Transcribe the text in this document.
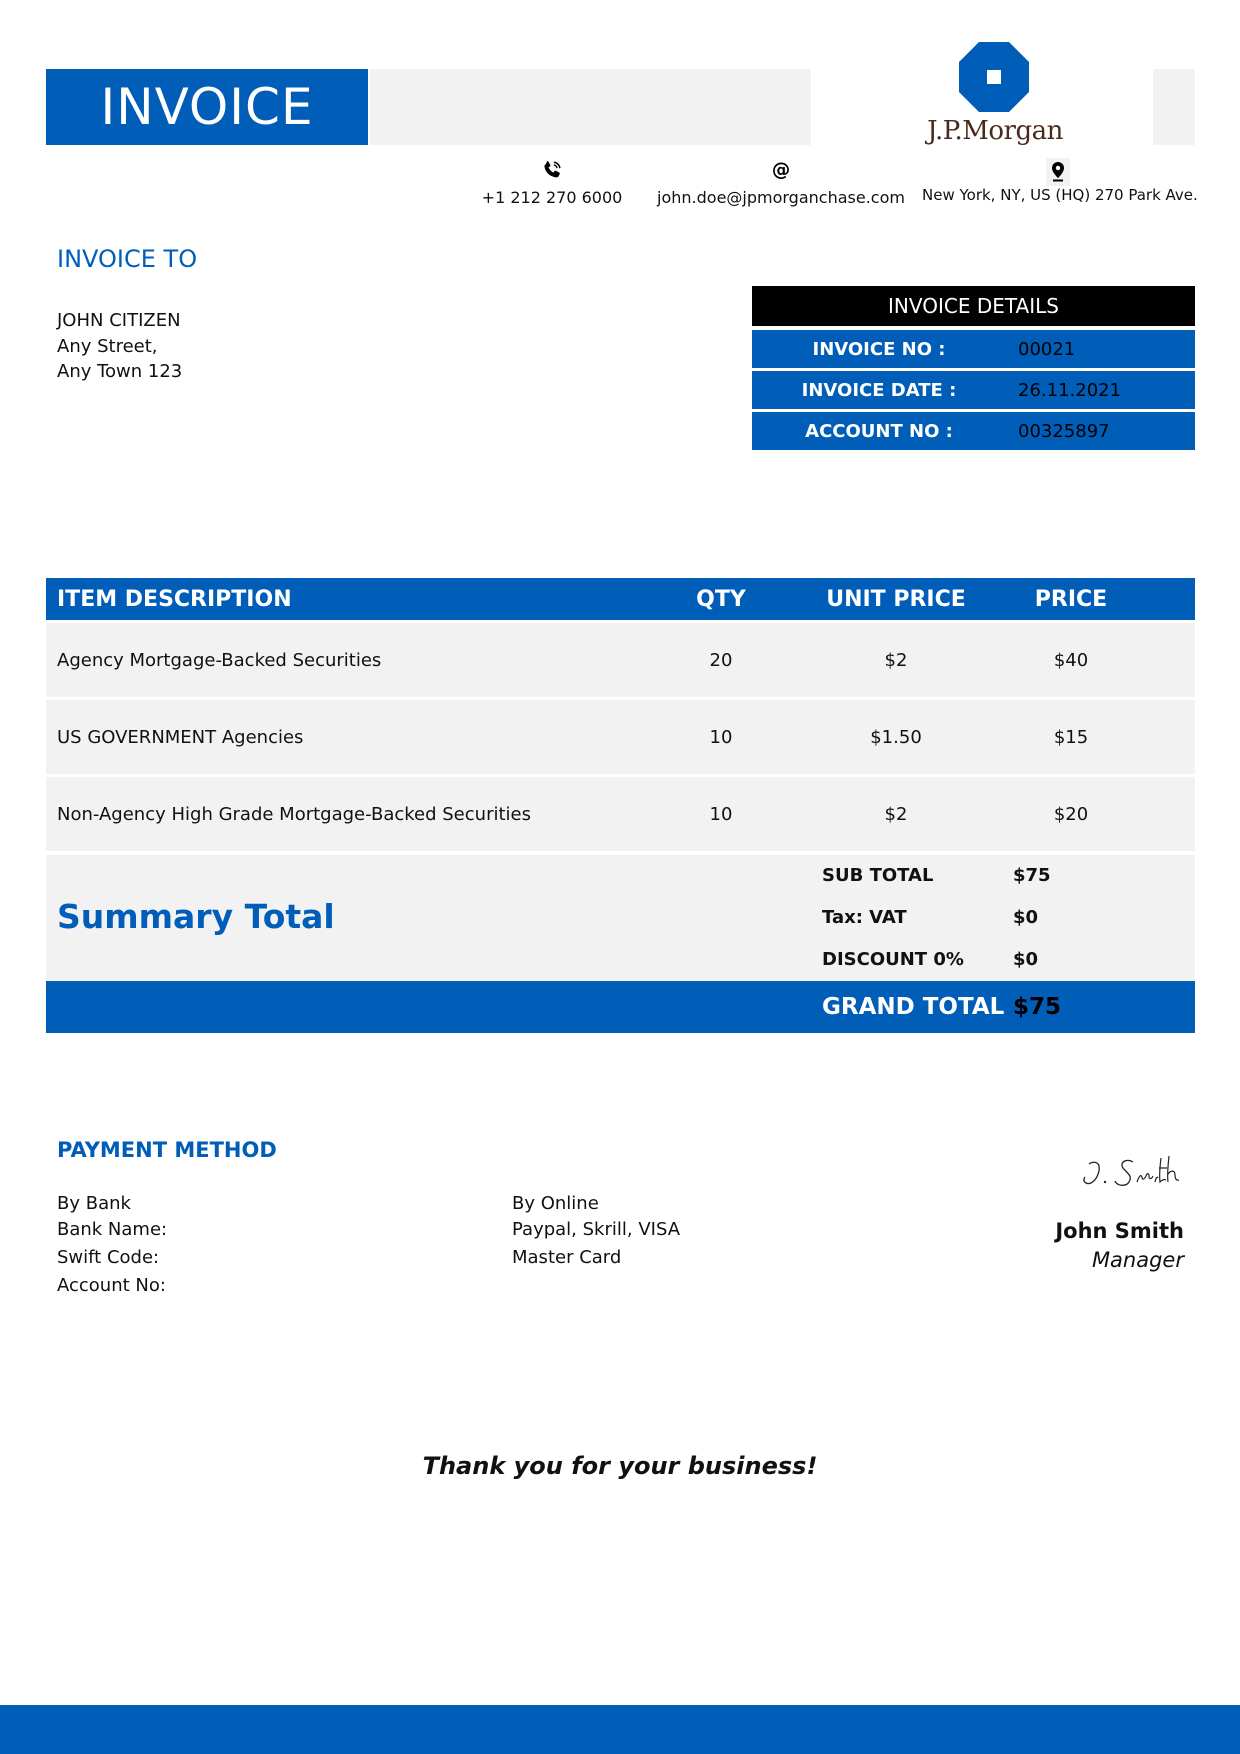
INVOICE	J.P.Morgan
+1 212 270 6000
@
john.doe@jpmorganchase.com	New York, NY, US (HQ) 270 Park Ave.
INVOICE TO
JOHN CITIZEN
Any Street,
Any Town 123
INVOICE DETAILS
INVOICE NO :	00021
INVOICE DATE :	26.11.2021
ACCOUNT NO :	00325897
ITEM DESCRIPTION	QTY	UNIT PRICE	PRICE
Agency Mortgage-Backed Securities	20	$2	$40
US GOVERNMENT Agencies	10	$1.50	$15
Non-Agency High Grade Mortgage-Backed Securities	10	$2	$20
Summary Total
SUB TOTAL	$75
Tax: VAT	$0
DISCOUNT 0%	$0
GRAND TOTAL $75
PAYMENT METHOD
By Bank
Bank Name:
Swift Code:
Account No:
By Online
Paypal, Skrill, VISA
Master Card
John Smith
Manager
Thank you for your business!
